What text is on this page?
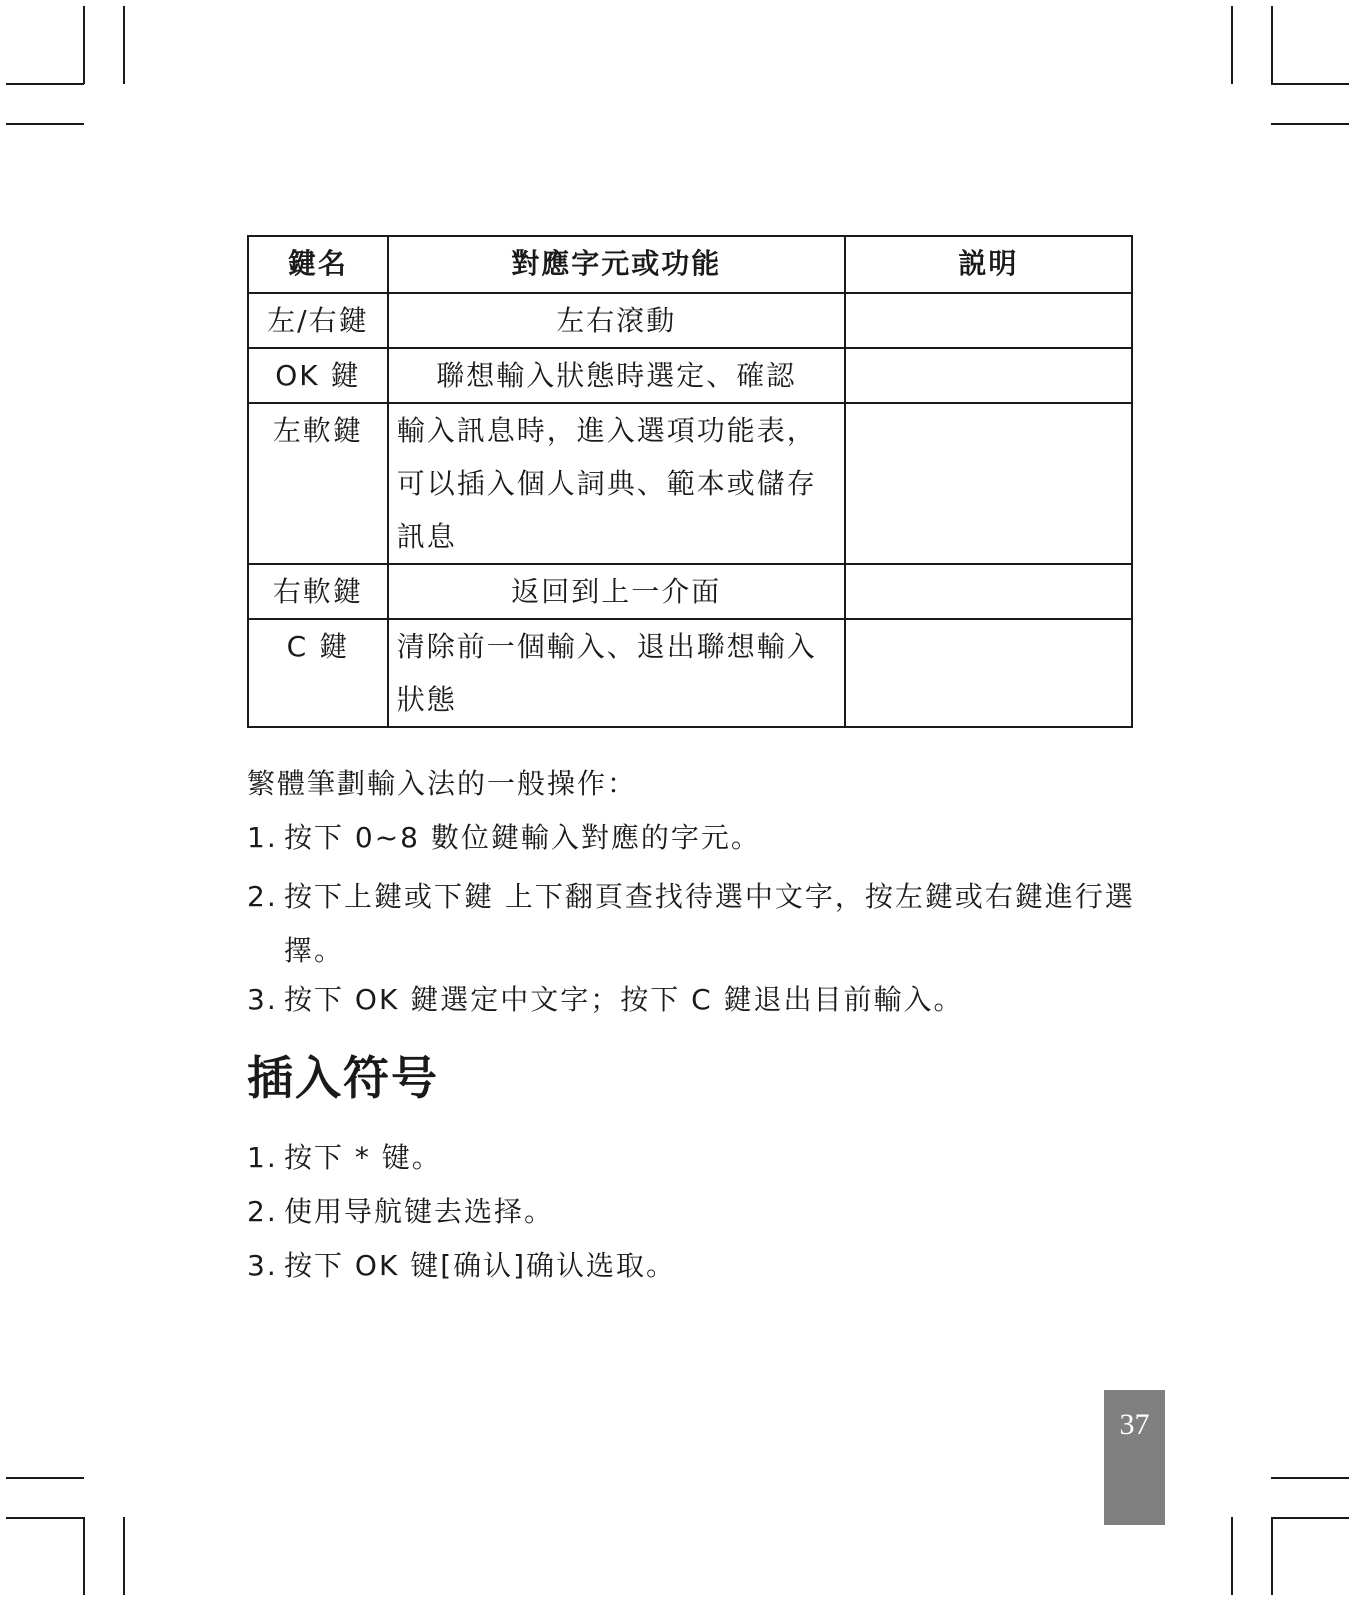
鍵名	對應字元或功能	説明
左/右鍵	左右滾動	
OK 鍵	聯想輸入狀態時選定、確認	
左軟鍵	輸入訊息時，進入選項功能表，可以插入個人詞典、範本或儲存訊息	
右軟鍵	返回到上一介面	
C 鍵	清除前一個輸入、退出聯想輸入狀態	
繁體筆劃輸入法的一般操作：
1. 按下 0~8 數位鍵輸入對應的字元。
2. 按下上鍵或下鍵 上下翻頁查找待選中文字，按左鍵或右鍵進行選擇。
3. 按下 OK 鍵選定中文字；按下 C 鍵退出目前輸入。
插入符号
1. 按下 * 键。
2. 使用导航键去选择。
3. 按下 OK 键[确认]确认选取。
37
